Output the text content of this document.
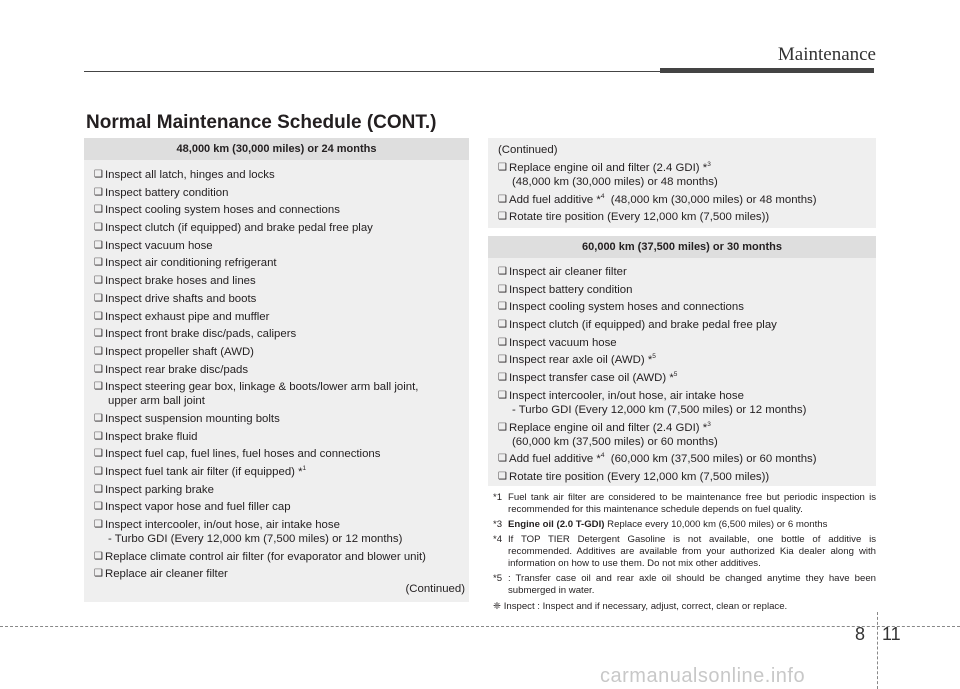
Maintenance
Normal Maintenance Schedule (CONT.)
48,000 km (30,000 miles) or 24 months
❑ Inspect all latch, hinges and locks
❑ Inspect battery condition
❑ Inspect cooling system hoses and connections
❑ Inspect clutch (if equipped) and brake pedal free play
❑ Inspect vacuum hose
❑ Inspect air conditioning refrigerant
❑ Inspect brake hoses and lines
❑ Inspect drive shafts and boots
❑ Inspect exhaust pipe and muffler
❑ Inspect front brake disc/pads, calipers
❑ Inspect propeller shaft (AWD)
❑ Inspect rear brake disc/pads
❑ Inspect steering gear box, linkage & boots/lower arm ball joint,
upper arm ball joint
❑ Inspect suspension mounting bolts
❑ Inspect brake fluid
❑ Inspect fuel cap, fuel lines, fuel hoses and connections
❑ Inspect fuel tank air filter (if equipped) *$^1$
❑ Inspect parking brake
❑ Inspect vapor hose and fuel filler cap
❑ Inspect intercooler, in/out hose, air intake hose
- Turbo GDI (Every 12,000 km (7,500 miles) or 12 months)
❑ Replace climate control air filter (for evaporator and blower unit)
❑ Replace air cleaner filter
(Continued)
(Continued)
❑ Replace engine oil and filter (2.4 GDI) *$^3$
(48,000 km (30,000 miles) or 48 months)
❑ Add fuel additive *$^4$  (48,000 km (30,000 miles) or 48 months)
❑ Rotate tire position (Every 12,000 km (7,500 miles))
60,000 km (37,500 miles) or 30 months
❑ Inspect air cleaner filter
❑ Inspect battery condition
❑ Inspect cooling system hoses and connections
❑ Inspect clutch (if equipped) and brake pedal free play
❑ Inspect vacuum hose
❑ Inspect rear axle oil (AWD) *$^5$
❑ Inspect transfer case oil (AWD) *$^5$
❑ Inspect intercooler, in/out hose, air intake hose
- Turbo GDI (Every 12,000 km (7,500 miles) or 12 months)
❑ Replace engine oil and filter (2.4 GDI) *$^3$
(60,000 km (37,500 miles) or 60 months)
❑ Add fuel additive *$^4$  (60,000 km (37,500 miles) or 60 months)
❑ Rotate tire position (Every 12,000 km (7,500 miles))
*1 Fuel tank air filter are considered to be maintenance free but periodic inspection is recommended for this maintenance schedule depends on fuel quality.
*3 Engine oil (2.0 T-GDI) Replace every 10,000 km (6,500 miles) or 6 months
*4 If TOP TIER Detergent Gasoline is not available, one bottle of additive is recommended. Additives are available from your authorized Kia dealer along with information on how to use them. Do not mix other additives.
*5 : Transfer case oil and rear axle oil should be changed anytime they have been submerged in water.
❈ Inspect : Inspect and if necessary, adjust, correct, clean or replace.
8 11
carmanualsonline.info
